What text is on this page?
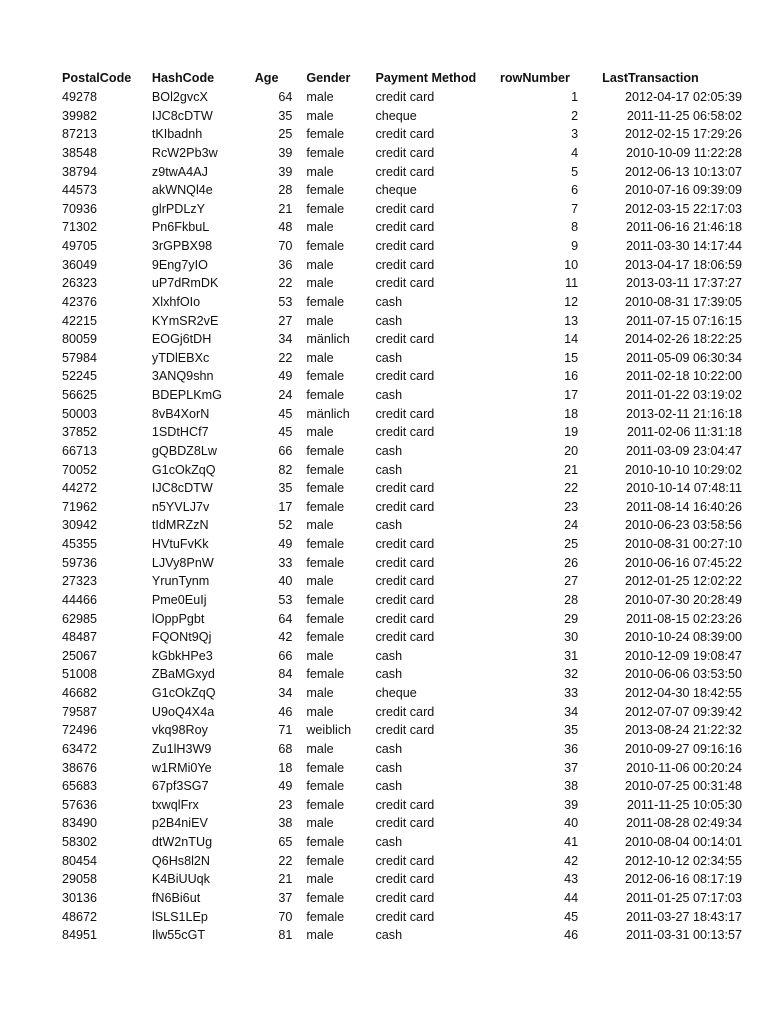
PostalCode	HashCode	Age	Gender	Payment Method	rowNumber	LastTransaction
49278	BOl2gvcX	64	male	credit card	1	2012-04-17 02:05:39
39982	IJC8cDTW	35	male	cheque	2	2011-11-25 06:58:02
87213	tKIbadnh	25	female	credit card	3	2012-02-15 17:29:26
38548	RcW2Pb3w	39	female	credit card	4	2010-10-09 11:22:28
38794	z9twA4AJ	39	male	credit card	5	2012-06-13 10:13:07
44573	akWNQl4e	28	female	cheque	6	2010-07-16 09:39:09
70936	glrPDLzY	21	female	credit card	7	2012-03-15 22:17:03
71302	Pn6FkbuL	48	male	credit card	8	2011-06-16 21:46:18
49705	3rGPBX98	70	female	credit card	9	2011-03-30 14:17:44
36049	9Eng7yIO	36	male	credit card	10	2013-04-17 18:06:59
26323	uP7dRmDK	22	male	credit card	11	2013-03-11 17:37:27
42376	XlxhfOIo	53	female	cash	12	2010-08-31 17:39:05
42215	KYmSR2vE	27	male	cash	13	2011-07-15 07:16:15
80059	EOGj6tDH	34	mänlich	credit card	14	2014-02-26 18:22:25
57984	yTDlEBXc	22	male	cash	15	2011-05-09 06:30:34
52245	3ANQ9shn	49	female	credit card	16	2011-02-18 10:22:00
56625	BDEPLKmG	24	female	cash	17	2011-01-22 03:19:02
50003	8vB4XorN	45	mänlich	credit card	18	2013-02-11 21:16:18
37852	1SDtHCf7	45	male	credit card	19	2011-02-06 11:31:18
66713	gQBDZ8Lw	66	female	cash	20	2011-03-09 23:04:47
70052	G1cOkZqQ	82	female	cash	21	2010-10-10 10:29:02
44272	IJC8cDTW	35	female	credit card	22	2010-10-14 07:48:11
71962	n5YVLJ7v	17	female	credit card	23	2011-08-14 16:40:26
30942	tIdMRZzN	52	male	cash	24	2010-06-23 03:58:56
45355	HVtuFvKk	49	female	credit card	25	2010-08-31 00:27:10
59736	LJVy8PnW	33	female	credit card	26	2010-06-16 07:45:22
27323	YrunTynm	40	male	credit card	27	2012-01-25 12:02:22
44466	Pme0EuIj	53	female	credit card	28	2010-07-30 20:28:49
62985	lOppPgbt	64	female	credit card	29	2011-08-15 02:23:26
48487	FQONt9Qj	42	female	credit card	30	2010-10-24 08:39:00
25067	kGbkHPe3	66	male	cash	31	2010-12-09 19:08:47
51008	ZBaMGxyd	84	female	cash	32	2010-06-06 03:53:50
46682	G1cOkZqQ	34	male	cheque	33	2012-04-30 18:42:55
79587	U9oQ4X4a	46	male	credit card	34	2012-07-07 09:39:42
72496	vkq98Roy	71	weiblich	credit card	35	2013-08-24 21:22:32
63472	Zu1lH3W9	68	male	cash	36	2010-09-27 09:16:16
38676	w1RMi0Ye	18	female	cash	37	2010-11-06 00:20:24
65683	67pf3SG7	49	female	cash	38	2010-07-25 00:31:48
57636	txwqlFrx	23	female	credit card	39	2011-11-25 10:05:30
83490	p2B4niEV	38	male	credit card	40	2011-08-28 02:49:34
58302	dtW2nTUg	65	female	cash	41	2010-08-04 00:14:01
80454	Q6Hs8l2N	22	female	credit card	42	2012-10-12 02:34:55
29058	K4BiUUqk	21	male	credit card	43	2012-06-16 08:17:19
30136	fN6Bi6ut	37	female	credit card	44	2011-01-25 07:17:03
48672	lSLS1LEp	70	female	credit card	45	2011-03-27 18:43:17
84951	Ilw55cGT	81	male	cash	46	2011-03-31 00:13:57
